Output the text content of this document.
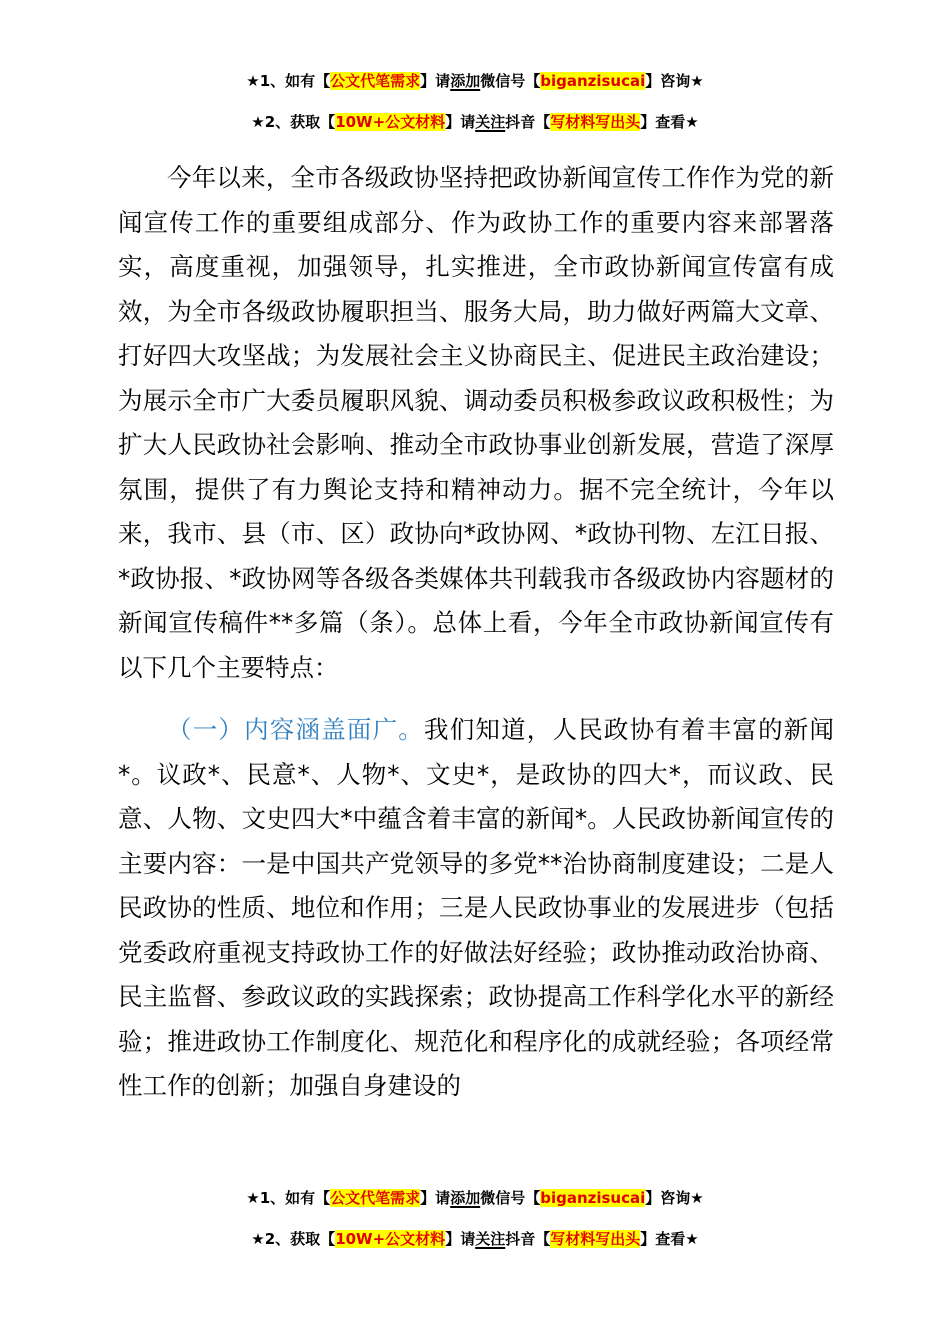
★1、如有【公文代笔需求】请添加微信号【biganzisucai】咨询★
★2、获取【10W+公文材料】请关注抖音【写材料写出头】查看★

今年以来，全市各级政协坚持把政协新闻宣传工作作为党的新闻宣传工作的重要组成部分、作为政协工作的重要内容来部署落实，高度重视，加强领导，扎实推进，全市政协新闻宣传富有成效，为全市各级政协履职担当、服务大局，助力做好两篇大文章、打好四大攻坚战；为发展社会主义协商民主、促进民主政治建设；为展示全市广大委员履职风貌、调动委员积极参政议政积极性；为扩大人民政协社会影响、推动全市政协事业创新发展，营造了深厚氛围，提供了有力舆论支持和精神动力。据不完全统计，今年以来，我市、县（市、区）政协向*政协网、*政协刊物、左江日报、*政协报、*政协网等各级各类媒体共刊载我市各级政协内容题材的新闻宣传稿件**多篇（条）。总体上看，今年全市政协新闻宣传有以下几个主要特点：

（一）内容涵盖面广。我们知道，人民政协有着丰富的新闻*。议政*、民意*、人物*、文史*，是政协的四大*，而议政、民意、人物、文史四大*中蕴含着丰富的新闻*。人民政协新闻宣传的主要内容：一是中国共产党领导的多党**治协商制度建设；二是人民政协的性质、地位和作用；三是人民政协事业的发展进步（包括党委政府重视支持政协工作的好做法好经验；政协推动政治协商、民主监督、参政议政的实践探索；政协提高工作科学化水平的新经验；推进政协工作制度化、规范化和程序化的成就经验；各项经常性工作的创新；加强自身建设的

★1、如有【公文代笔需求】请添加微信号【biganzisucai】咨询★
★2、获取【10W+公文材料】请关注抖音【写材料写出头】查看★
